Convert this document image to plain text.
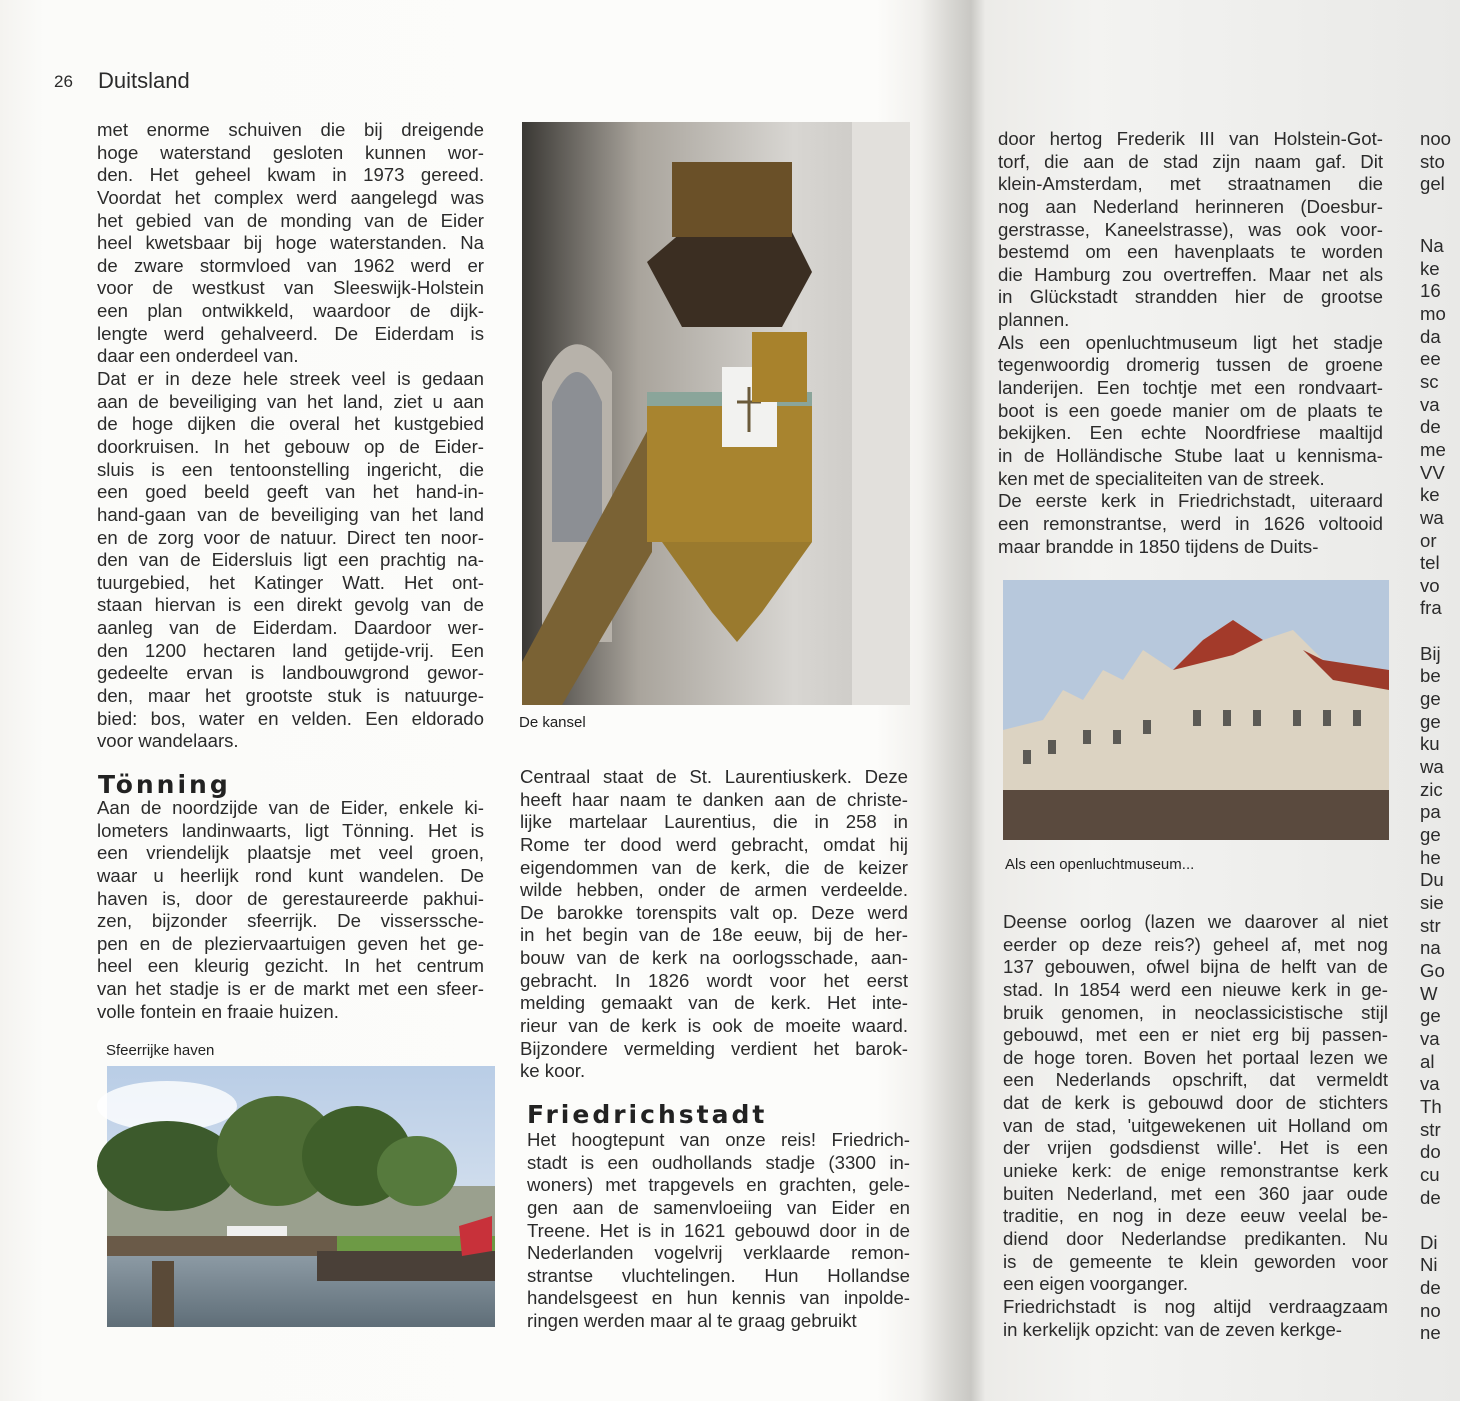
26 Duitsland
met enorme schuiven die bij dreigende
hoge waterstand gesloten kunnen wor-
den. Het geheel kwam in 1973 gereed.
Voordat het complex werd aangelegd was
het gebied van de monding van de Eider
heel kwetsbaar bij hoge waterstanden. Na
de zware stormvloed van 1962 werd er
voor de westkust van Sleeswijk-Holstein
een plan ontwikkeld, waardoor de dijk-
lengte werd gehalveerd. De Eiderdam is
daar een onderdeel van.
Dat er in deze hele streek veel is gedaan
aan de beveiliging van het land, ziet u aan
de hoge dijken die overal het kustgebied
doorkruisen. In het gebouw op de Eider-
sluis is een tentoonstelling ingericht, die
een goed beeld geeft van het hand-in-
hand-gaan van de beveiliging van het land
en de zorg voor de natuur. Direct ten noor-
den van de Eidersluis ligt een prachtig na-
tuurgebied, het Katinger Watt. Het ont-
staan hiervan is een direkt gevolg van de
aanleg van de Eiderdam. Daardoor wer-
den 1200 hectaren land getijde-vrij. Een
gedeelte ervan is landbouwgrond gewor-
den, maar het grootste stuk is natuurge-
bied: bos, water en velden. Een eldorado
voor wandelaars.
Tönning
Aan de noordzijde van de Eider, enkele ki-
lometers landinwaarts, ligt Tönning. Het is
een vriendelijk plaatsje met veel groen,
waar u heerlijk rond kunt wandelen. De
haven is, door de gerestaureerde pakhui-
zen, bijzonder sfeerrijk. De visserssche-
pen en de pleziervaartuigen geven het ge-
heel een kleurig gezicht. In het centrum
van het stadje is er de markt met een sfeer-
volle fontein en fraaie huizen.
Sfeerrijke haven
De kansel
Centraal staat de St. Laurentiuskerk. Deze
heeft haar naam te danken aan de christe-
lijke martelaar Laurentius, die in 258 in
Rome ter dood werd gebracht, omdat hij
eigendommen van de kerk, die de keizer
wilde hebben, onder de armen verdeelde.
De barokke torenspits valt op. Deze werd
in het begin van de 18e eeuw, bij de her-
bouw van de kerk na oorlogsschade, aan-
gebracht. In 1826 wordt voor het eerst
melding gemaakt van de kerk. Het inte-
rieur van de kerk is ook de moeite waard.
Bijzondere vermelding verdient het barok-
ke koor.
Friedrichstadt
Het hoogtepunt van onze reis! Friedrich-
stadt is een oudhollands stadje (3300 in-
woners) met trapgevels en grachten, gele-
gen aan de samenvloeiing van Eider en
Treene. Het is in 1621 gebouwd door in de
Nederlanden vogelvrij verklaarde remon-
strantse vluchtelingen. Hun Hollandse
handelsgeest en hun kennis van inpolde-
ringen werden maar al te graag gebruikt
door hertog Frederik III van Holstein-Got-
torf, die aan de stad zijn naam gaf. Dit
klein-Amsterdam, met straatnamen die
nog aan Nederland herinneren (Doesbur-
gerstrasse, Kaneelstrasse), was ook voor-
bestemd om een havenplaats te worden
die Hamburg zou overtreffen. Maar net als
in Glückstadt strandden hier de grootse
plannen.
Als een openluchtmuseum ligt het stadje
tegenwoordig dromerig tussen de groene
landerijen. Een tochtje met een rondvaart-
boot is een goede manier om de plaats te
bekijken. Een echte Noordfriese maaltijd
in de Holländische Stube laat u kennisma-
ken met de specialiteiten van de streek.
De eerste kerk in Friedrichstadt, uiteraard
een remonstrantse, werd in 1626 voltooid
maar brandde in 1850 tijdens de Duits-
Als een openluchtmuseum...
Deense oorlog (lazen we daarover al niet
eerder op deze reis?) geheel af, met nog
137 gebouwen, ofwel bijna de helft van de
stad. In 1854 werd een nieuwe kerk in ge-
bruik genomen, in neoclassicistische stijl
gebouwd, met een er niet erg bij passen-
de hoge toren. Boven het portaal lezen we
een Nederlands opschrift, dat vermeldt
dat de kerk is gebouwd door de stichters
van de stad, 'uitgewekenen uit Holland om
der vrijen godsdienst wille'. Het is een
unieke kerk: de enige remonstrantse kerk
buiten Nederland, met een 360 jaar oude
traditie, en nog in deze eeuw veelal be-
diend door Nederlandse predikanten. Nu
is de gemeente te klein geworden voor
een eigen voorganger.
Friedrichstadt is nog altijd verdraagzaam
in kerkelijk opzicht: van de zeven kerkge-
noo
sto
gel
Na
ke
16
mo
da
ee
sc
va
de
me
VV
ke
wa
or
tel
vo
fra
Bij
be
ge
ge
ku
wa
zic
pa
ge
he
Du
sie
str
na
Go
W
ge
va
al
va
Th
str
do
cu
de
Di
Ni
de
no
ne
